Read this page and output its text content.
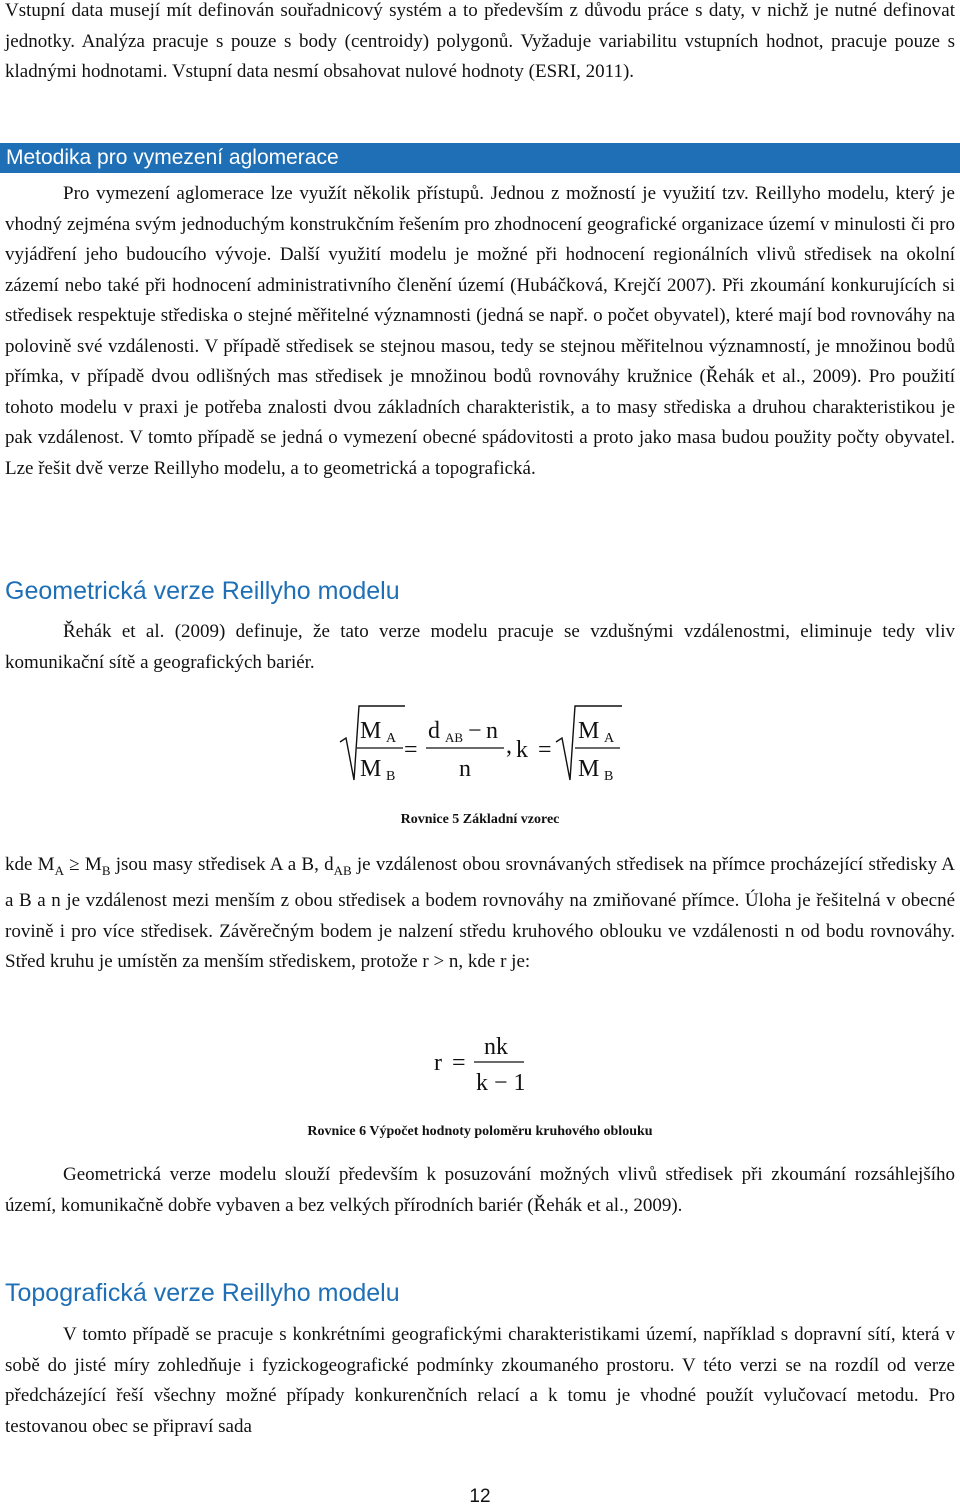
Vstupní data musejí mít definován souřadnicový systém a to především z důvodu práce s daty, v nichž je nutné definovat jednotky. Analýza pracuje s pouze s body (centroidy) polygonů. Vyžaduje variabilitu vstupních hodnot, pracuje pouze s kladnými hodnotami. Vstupní data nesmí obsahovat nulové hodnoty (ESRI, 2011).

Metodika pro vymezení aglomerace

Pro vymezení aglomerace lze využít několik přístupů. Jednou z možností je využití tzv. Reillyho modelu, který je vhodný zejména svým jednoduchým konstrukčním řešením pro zhodnocení geografické organizace území v minulosti či pro vyjádření jeho budoucího vývoje. Další využití modelu je možné při hodnocení regionálních vlivů středisek na okolní zázemí nebo také při hodnocení administrativního členění území (Hubáčková, Krejčí 2007). Při zkoumání konkurujících si středisek respektuje střediska o stejné měřitelné významnosti (jedná se např. o počet obyvatel), které mají bod rovnováhy na polovině své vzdálenosti. V případě středisek se stejnou masou, tedy se stejnou měřitelnou významností, je množinou bodů přímka, v případě dvou odlišných mas středisek je množinou bodů rovnováhy kružnice (Řehák et al., 2009). Pro použití tohoto modelu v praxi je potřeba znalosti dvou základních charakteristik, a to masy střediska a druhou charakteristikou je pak vzdálenost. V tomto případě se jedná o vymezení obecné spádovitosti a proto jako masa budou použity počty obyvatel. Lze řešit dvě verze Reillyho modelu, a to geometrická a topografická.

Geometrická verze Reillyho modelu

Řehák et al. (2009) definuje, že tato verze modelu pracuje se vzdušnými vzdálenostmi, eliminuje tedy vliv komunikační sítě a geografických bariér.

M A
M B
=
d AB − n
n
, k =
M A
M B

Rovnice 5 Základní vzorec

kde $M_A \ge M_B$ jsou masy středisek A a B, $d_{AB}$ je vzdálenost obou srovnávaných středisek na přímce procházející středisky A a B a n je vzdálenost mezi menším z obou středisek a bodem rovnováhy na zmiňované přímce. Úloha je řešitelná v obecné rovině i pro více středisek. Závěrečným bodem je nalzení středu kruhového oblouku ve vzdálenosti n od bodu rovnováhy. Střed kruhu je umístěn za menším střediskem, protože r > n, kde r je:

r =
nk
k − 1

Rovnice 6 Výpočet hodnoty poloměru kruhového oblouku

Geometrická verze modelu slouží především k posuzování možných vlivů středisek při zkoumání rozsáhlejšího území, komunikačně dobře vybaven a bez velkých přírodních bariér (Řehák et al., 2009).

Topografická verze Reillyho modelu

V tomto případě se pracuje s konkrétními geografickými charakteristikami území, například s dopravní sítí, která v sobě do jisté míry zohledňuje i fyzickogeografické podmínky zkoumaného prostoru. V této verzi se na rozdíl od verze předcházející řeší všechny možné případy konkurenčních relací a k tomu je vhodné použít vylučovací metodu. Pro testovanou obec se připraví sada

12
